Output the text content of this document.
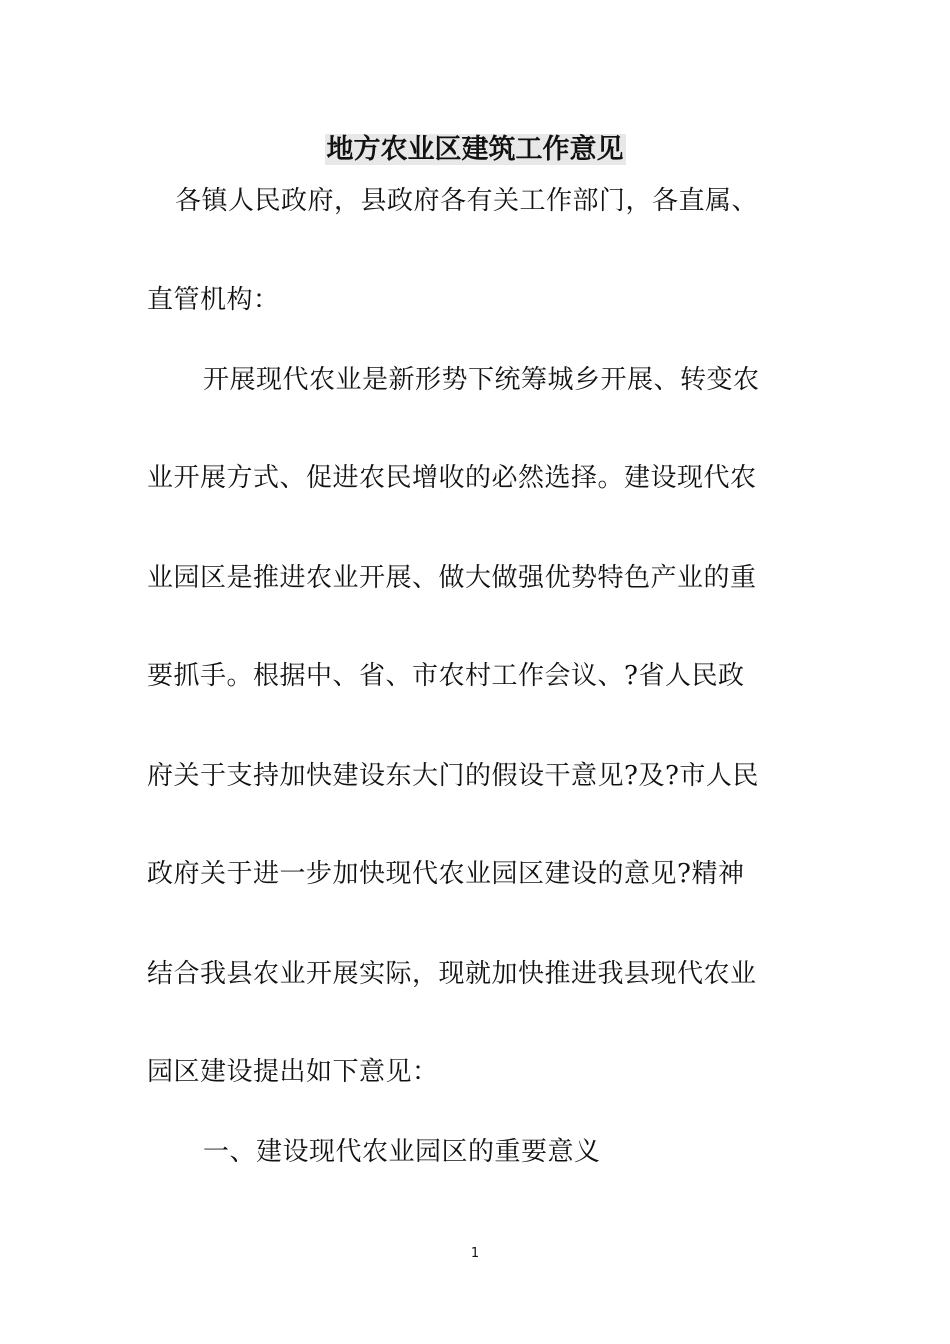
地方农业区建筑工作意见
各镇人民政府，县政府各有关工作部门，各直属、
直管机构：
开展现代农业是新形势下统筹城乡开展、转变农
业开展方式、促进农民增收的必然选择。建设现代农
业园区是推进农业开展、做大做强优势特色产业的重
要抓手。根据中、省、市农村工作会议、?省人民政
府关于支持加快建设东大门的假设干意见?及?市人民
政府关于进一步加快现代农业园区建设的意见?精神
结合我县农业开展实际，现就加快推进我县现代农业
园区建设提出如下意见：
一、建设现代农业园区的重要意义
1
